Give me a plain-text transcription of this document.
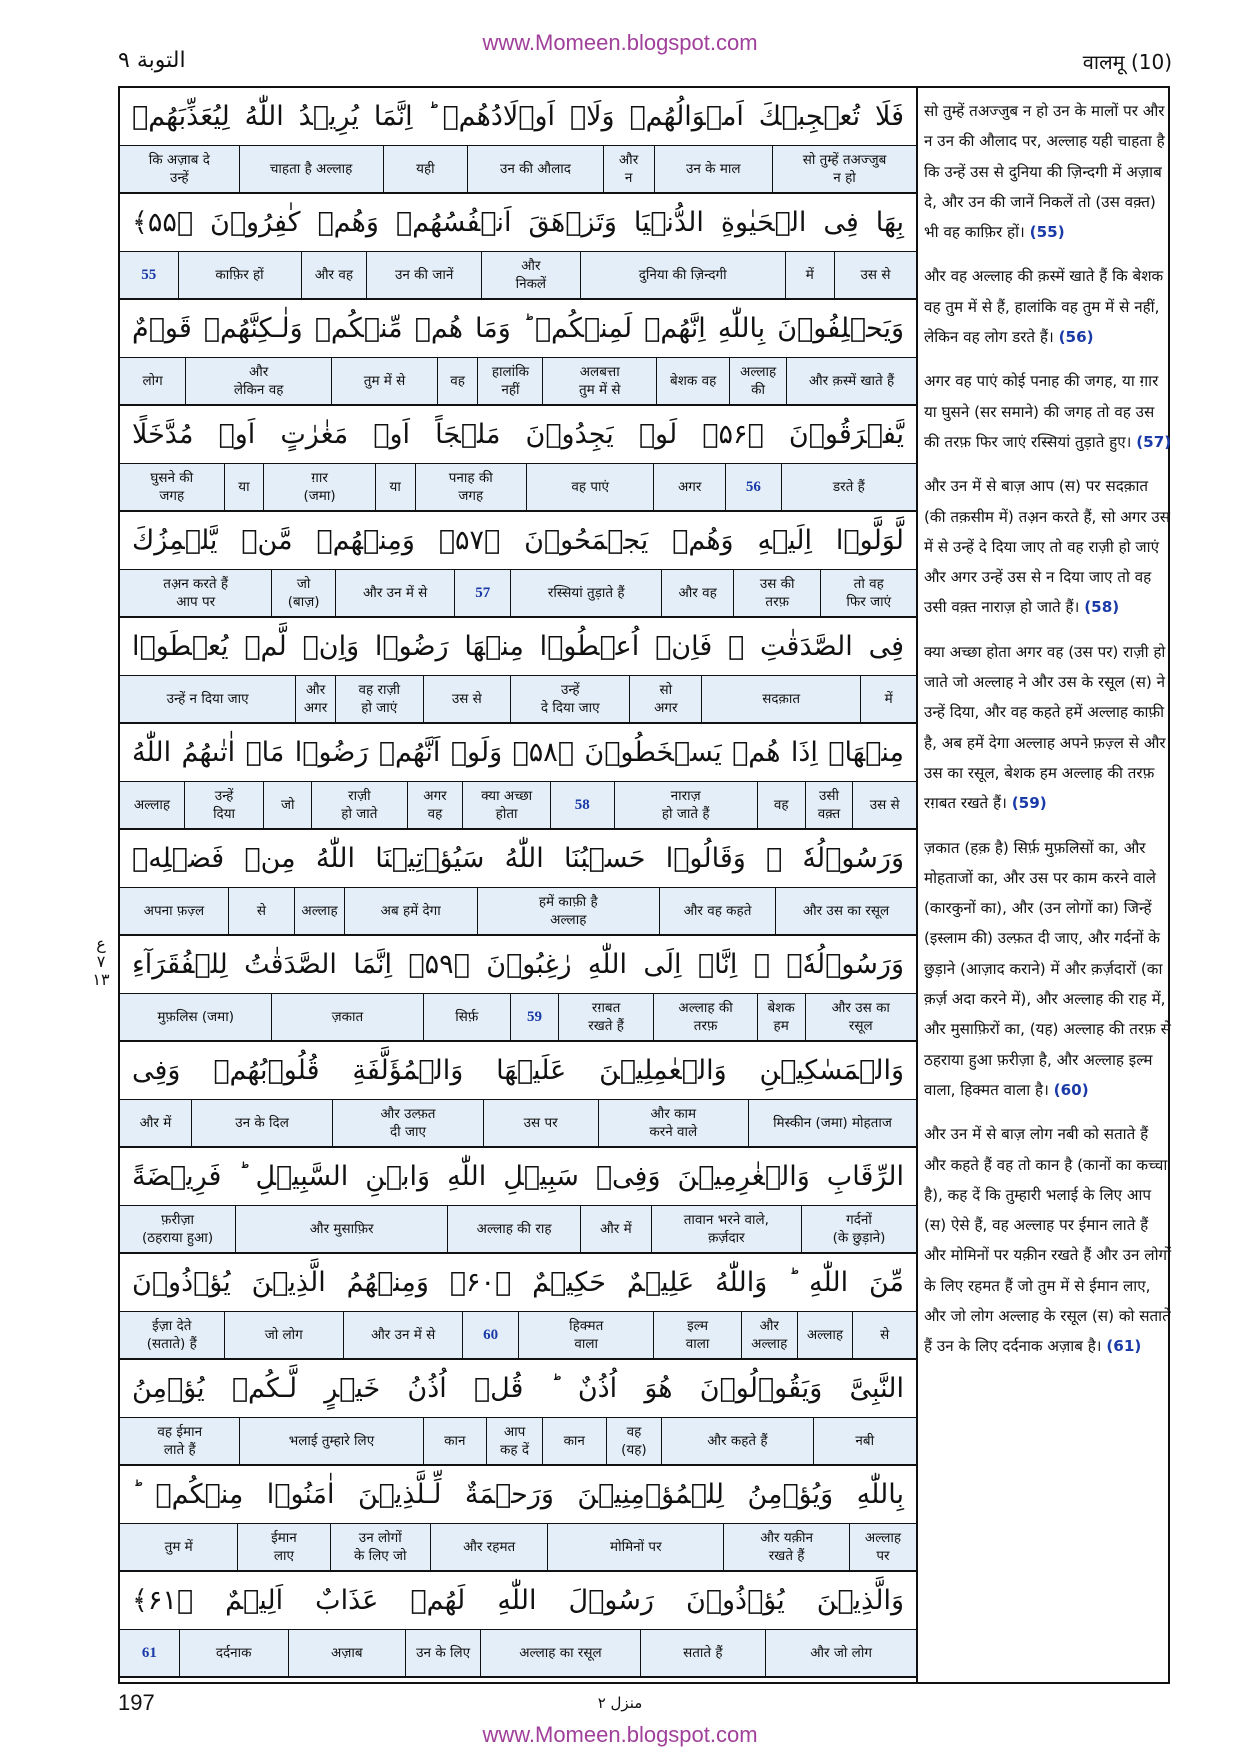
www.Momeen.blogspot.com
التوبة ٩	वालमू (10)
فَلَا تُعۡجِبۡكَ اَمۡوَالُهُمۡ وَلَاۤ اَوۡلَادُهُمۡ ؕ اِنَّمَا يُرِيۡدُ اللّٰهُ لِيُعَذِّبَهُمۡ
सो तुम्हें तअज्जुब
न हो
उन के माल
और
न
उन की औलाद
यही
चाहता है अल्लाह
कि अज़ाब दे
उन्हें
بِهَا فِى الۡحَيٰوةِ الدُّنۡيَا وَتَزۡهَقَ اَنۡفُسُهُمۡ وَهُمۡ كٰفِرُوۡنَ ﴿۵۵﴾
उस से
में
दुनिया की ज़िन्दगी
और
निकलें
उन की जानें
और वह
काफ़िर हों
55
وَيَحۡلِفُوۡنَ بِاللّٰهِ اِنَّهُمۡ لَمِنۡكُمۡ ؕ وَمَا هُمۡ مِّنۡكُمۡ وَلٰـكِنَّهُمۡ قَوۡمٌ
और क़स्में खाते हैं
अल्लाह
की
बेशक वह
अलबत्ता
तुम में से
हालांकि
नहीं
वह
तुम में से
और
लेकिन वह
लोग
يَّفۡرَقُوۡنَ ﴿۵۶﴾ لَوۡ يَجِدُوۡنَ مَلۡجَاً اَوۡ مَغٰرٰتٍ اَوۡ مُدَّخَلًا
डरते हैं
56
अगर
वह पाएं
पनाह की
जगह
या
ग़ार
(जमा)
या
घुसने की
जगह
لَّوَلَّوۡا اِلَيۡهِ وَهُمۡ يَجۡمَحُوۡنَ ﴿۵۷﴾ وَمِنۡهُمۡ مَّنۡ يَّلۡمِزُكَ
तो वह
फिर जाएं
उस की
तरफ़
और वह
रस्सियां तुड़ाते हैं
57
और उन में से
जो
(बाज़)
तअ़न करते हैं
आप पर
فِى الصَّدَقٰتِ ۚ فَاِنۡ اُعۡطُوۡا مِنۡهَا رَضُوۡا وَاِنۡ لَّمۡ يُعۡطَوۡا
में
सदक़ात
सो
अगर
उन्हें
दे दिया जाए
उस से
वह राज़ी
हो जाएं
और
अगर
उन्हें न दिया जाए
مِنۡهَاۤ اِذَا هُمۡ يَسۡخَطُوۡنَ ﴿۵۸﴾ وَلَوۡ اَنَّهُمۡ رَضُوۡا مَاۤ اٰتٰٮهُمُ اللّٰهُ
उस से
उसी
वक़्त
वह
नाराज़
हो जाते हैं
58
क्या अच्छा
होता
अगर
वह
राज़ी
हो जाते
जो
उन्हें
दिया
अल्लाह
وَرَسُوۡلُهٗ ۙ وَقَالُوۡا حَسۡبُنَا اللّٰهُ سَيُؤۡتِيۡنَا اللّٰهُ مِنۡ فَضۡلِهٖ
और उस का रसूल
और वह कहते
हमें काफ़ी है
अल्लाह
अब हमें देगा
अल्लाह
से
अपना फ़ज़्ल
وَرَسُوۡلُهٗۤ ۙ اِنَّاۤ اِلَى اللّٰهِ رٰغِبُوۡنَ ﴿۵۹﴾ اِنَّمَا الصَّدَقٰتُ لِلۡفُقَرَآءِ
और उस का
रसूल
बेशक
हम
अल्लाह की
तरफ़
रग़बत
रखते हैं
59
सिर्फ़
ज़कात
मुफ़लिस (जमा)
وَالۡمَسٰكِيۡنِ وَالۡعٰمِلِيۡنَ عَلَيۡهَا وَالۡمُؤَلَّفَةِ قُلُوۡبُهُمۡ وَفِى
मिस्कीन (जमा) मोहताज
और काम
करने वाले
उस पर
और उल्फ़त
दी जाए
उन के दिल
और में
الرِّقَابِ وَالۡغٰرِمِيۡنَ وَفِىۡ سَبِيۡلِ اللّٰهِ وَابۡنِ السَّبِيۡلِ ؕ فَرِيۡضَةً
गर्दनों
(के छुड़ाने)
तावान भरने वाले,
क़र्ज़दार
और में
अल्लाह की राह
और मुसाफ़िर
फ़रीज़ा
(ठहराया हुआ)
مِّنَ اللّٰهِ ؕ وَاللّٰهُ عَلِيۡمٌ حَكِيۡمٌ ﴿۶۰﴾ وَمِنۡهُمُ الَّذِيۡنَ يُؤۡذُوۡنَ
से
अल्लाह
और
अल्लाह
इल्म
वाला
हिक्मत
वाला
60
और उन में से
जो लोग
ईज़ा देते
(सताते) हैं
النَّبِىَّ وَيَقُوۡلُوۡنَ هُوَ اُذُنٌ ؕ قُلۡ اُذُنُ خَيۡرٍ لَّـكُمۡ يُؤۡمِنُ
नबी
और कहते हैं
वह
(यह)
कान
आप
कह दें
कान
भलाई तुम्हारे लिए
वह ईमान
लाते हैं
بِاللّٰهِ وَيُؤۡمِنُ لِلۡمُؤۡمِنِيۡنَ وَرَحۡمَةٌ لِّـلَّذِيۡنَ اٰمَنُوۡا مِنۡكُمۡ ؕ
अल्लाह
पर
और यक़ीन
रखते हैं
मोमिनों पर
और रहमत
उन लोगों
के लिए जो
ईमान
लाए
तुम में
وَالَّذِيۡنَ يُؤۡذُوۡنَ رَسُوۡلَ اللّٰهِ لَهُمۡ عَذَابٌ اَلِيۡمٌ ﴿۶۱﴾
और जो लोग
सताते हैं
अल्लाह का रसूल
उन के लिए
अज़ाब
दर्दनाक
61
सो तुम्हें तअज्जुब न हो उन के मालों पर और न उन की औलाद पर, अल्लाह यही चाहता है कि उन्हें उस से दुनिया की ज़िन्दगी में अज़ाब दे, और उन की जानें निकलें तो (उस वक़्त) भी वह काफ़िर हों। (55)
और वह अल्लाह की क़स्में खाते हैं कि बेशक वह तुम में से हैं, हालांकि वह तुम में से नहीं, लेकिन वह लोग डरते हैं। (56)
अगर वह पाएं कोई पनाह की जगह, या ग़ार या घुसने (सर समाने) की जगह तो वह उस की तरफ़ फिर जाएं रस्सियां तुड़ाते हुए। (57)
और उन में से बाज़ आप (स) पर सदक़ात (की तक़सीम में) तअ़न करते हैं, सो अगर उस में से उन्हें दे दिया जाए तो वह राज़ी हो जाएं और अगर उन्हें उस से न दिया जाए तो वह उसी वक़्त नाराज़ हो जाते हैं। (58)
क्या अच्छा होता अगर वह (उस पर) राज़ी हो जाते जो अल्लाह ने और उस के रसूल (स) ने उन्हें दिया, और वह कहते हमें अल्लाह काफ़ी है, अब हमें देगा अल्लाह अपने फ़ज़्ल से और उस का रसूल, बेशक हम अल्लाह की तरफ़ रग़बत रखते हैं। (59)
ज़कात (हक़ है) सिर्फ़ मुफ़लिसों का, और मोहताजों का, और उस पर काम करने वाले (कारकुनों का), और (उन लोगों का) जिन्हें (इस्लाम की) उल्फ़त दी जाए, और गर्दनों के छुड़ाने (आज़ाद कराने) में और क़र्ज़दारों (का क़र्ज़ अदा करने में), और अल्लाह की राह में, और मुसाफ़िरों का, (यह) अल्लाह की तरफ़ से ठहराया हुआ फ़रीज़ा है, और अल्लाह इल्म वाला, हिक्मत वाला है। (60)
और उन में से बाज़ लोग नबी को सताते हैं और कहते हैं वह तो कान है (कानों का कच्चा है), कह दें कि तुम्हारी भलाई के लिए आप (स) ऐसे हैं, वह अल्लाह पर ईमान लाते हैं और मोमिनों पर यक़ीन रखते हैं और उन लोगों के लिए रहमत हैं जो तुम में से ईमान लाए, और जो लोग अल्लाह के रसूल (स) को सताते हैं उन के लिए दर्दनाक अज़ाब है। (61)
ع
٧
١٣
197	منزل ٢
www.Momeen.blogspot.com
